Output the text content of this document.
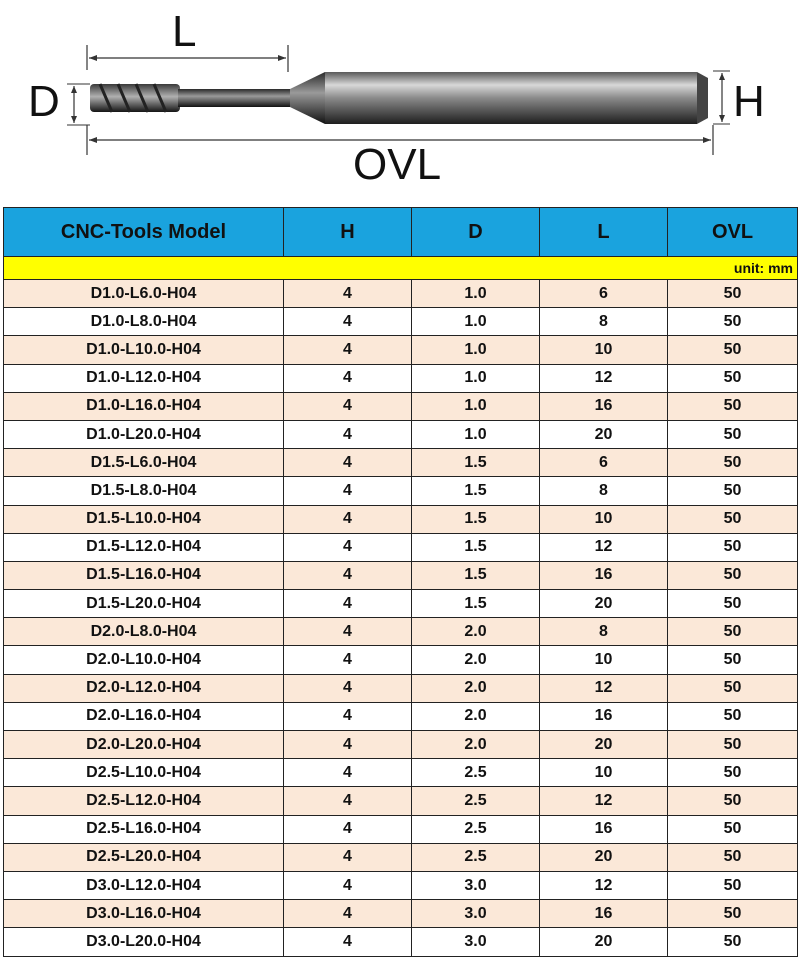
L
D	H
OVL
CNC-Tools Model	H	D	L	OVL
unit: mm				
D1.0-L6.0-H04	4	1.0	6	50
D1.0-L8.0-H04	4	1.0	8	50
D1.0-L10.0-H04	4	1.0	10	50
D1.0-L12.0-H04	4	1.0	12	50
D1.0-L16.0-H04	4	1.0	16	50
D1.0-L20.0-H04	4	1.0	20	50
D1.5-L6.0-H04	4	1.5	6	50
D1.5-L8.0-H04	4	1.5	8	50
D1.5-L10.0-H04	4	1.5	10	50
D1.5-L12.0-H04	4	1.5	12	50
D1.5-L16.0-H04	4	1.5	16	50
D1.5-L20.0-H04	4	1.5	20	50
D2.0-L8.0-H04	4	2.0	8	50
D2.0-L10.0-H04	4	2.0	10	50
D2.0-L12.0-H04	4	2.0	12	50
D2.0-L16.0-H04	4	2.0	16	50
D2.0-L20.0-H04	4	2.0	20	50
D2.5-L10.0-H04	4	2.5	10	50
D2.5-L12.0-H04	4	2.5	12	50
D2.5-L16.0-H04	4	2.5	16	50
D2.5-L20.0-H04	4	2.5	20	50
D3.0-L12.0-H04	4	3.0	12	50
D3.0-L16.0-H04	4	3.0	16	50
D3.0-L20.0-H04	4	3.0	20	50
